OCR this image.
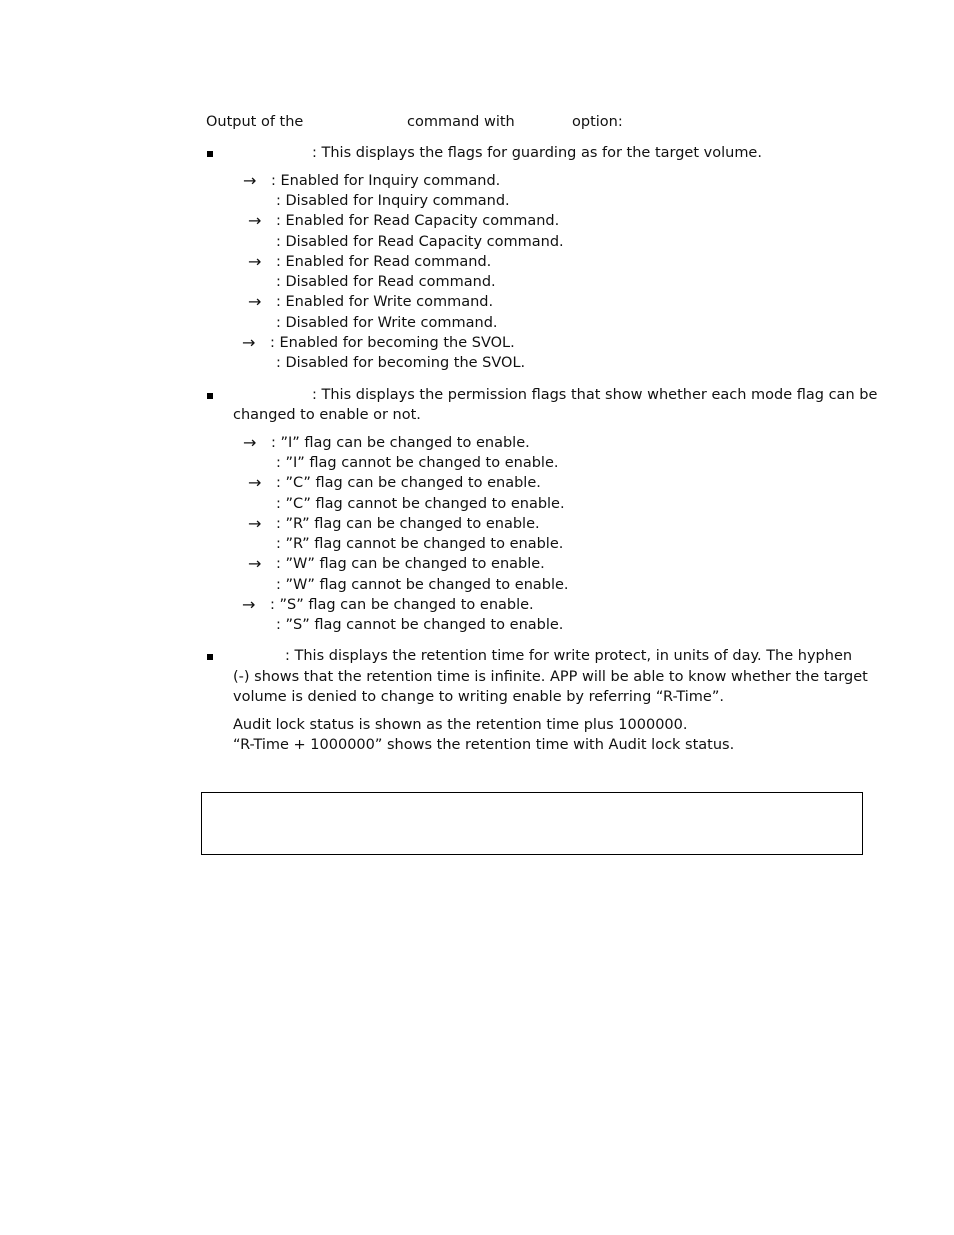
Output of the	command with	option:
: This displays the flags for guarding as for the target volume.
→ : Enabled for Inquiry command.
: Disabled for Inquiry command.
→ : Enabled for Read Capacity command.
: Disabled for Read Capacity command.
→ : Enabled for Read command.
: Disabled for Read command.
→ : Enabled for Write command.
: Disabled for Write command.
→ : Enabled for becoming the SVOL.
: Disabled for becoming the SVOL.
: This displays the permission flags that show whether each mode flag can be
changed to enable or not.
→ : ”I” flag can be changed to enable.
: ”I” flag cannot be changed to enable.
→ : ”C” flag can be changed to enable.
: ”C” flag cannot be changed to enable.
→ : ”R” flag can be changed to enable.
: ”R” flag cannot be changed to enable.
→ : ”W” flag can be changed to enable.
: ”W” flag cannot be changed to enable.
→ : ”S” flag can be changed to enable.
: ”S” flag cannot be changed to enable.
: This displays the retention time for write protect, in units of day. The hyphen
(-) shows that the retention time is infinite. APP will be able to know whether the target
volume is denied to change to writing enable by referring “R-Time”.
Audit lock status is shown as the retention time plus 1000000.
“R-Time + 1000000” shows the retention time with Audit lock status.
